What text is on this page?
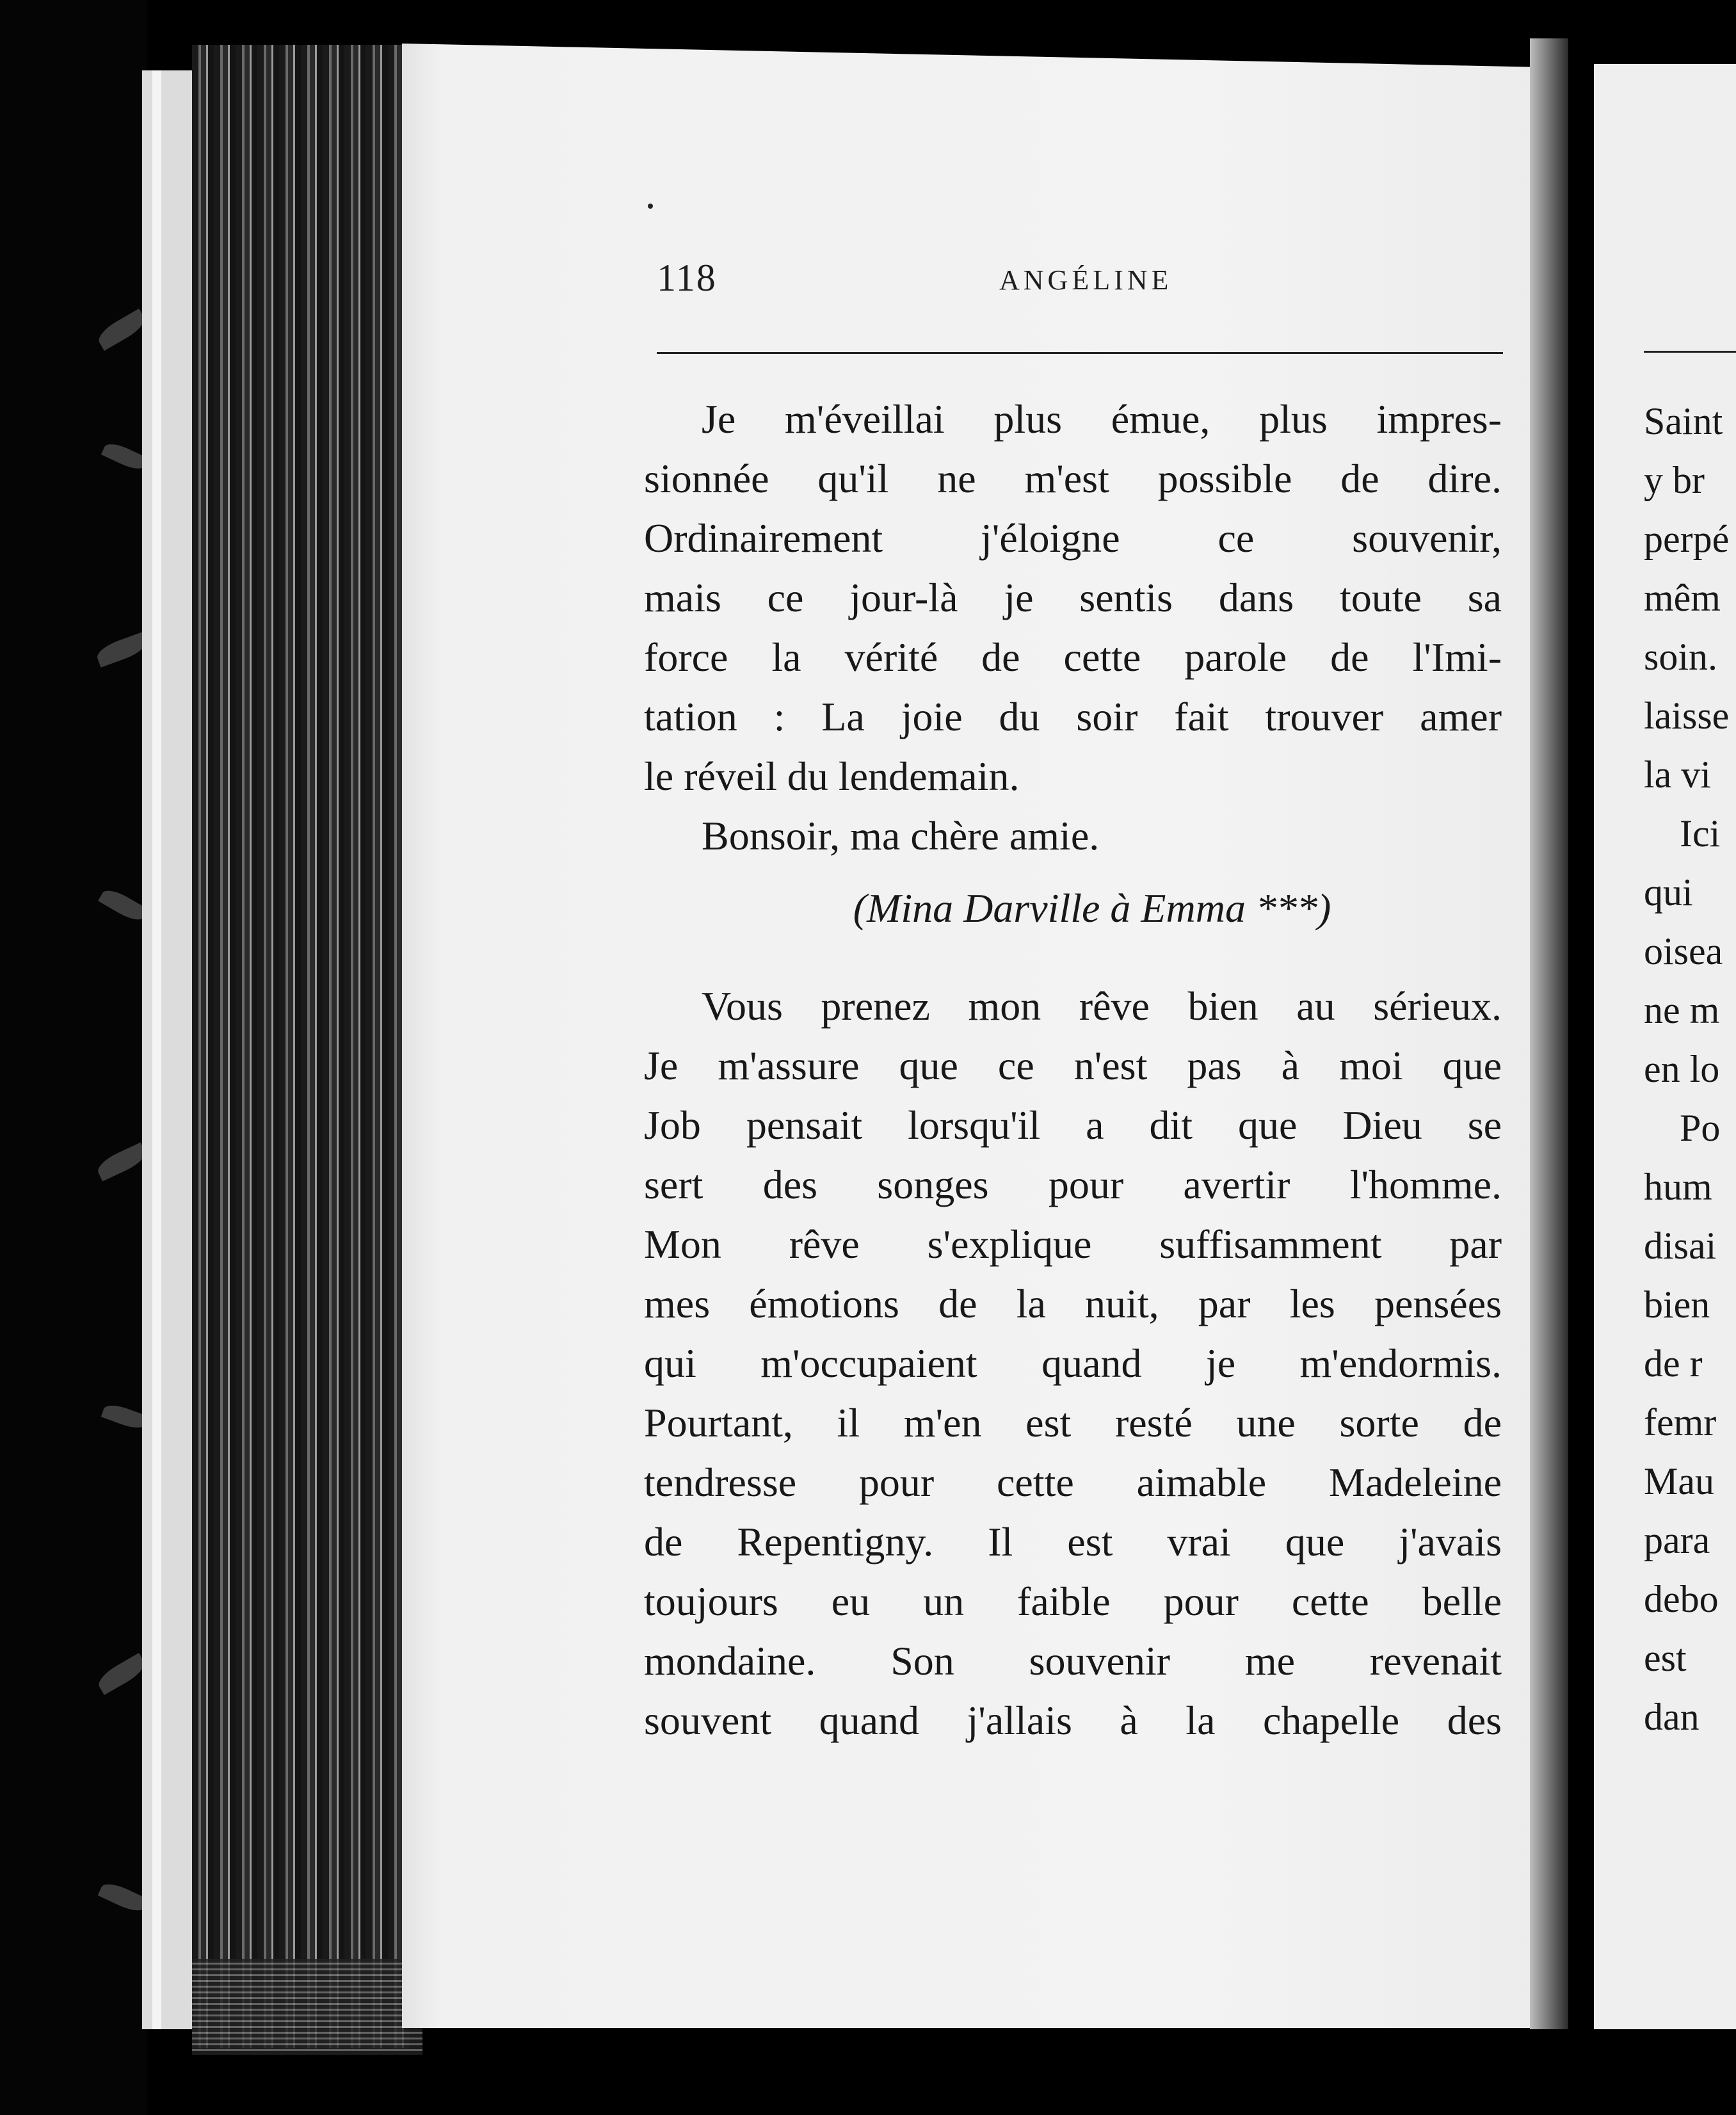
118	ANGÉLINE
Je m'éveillai plus émue, plus impres-
sionnée qu'il ne m'est possible de dire.
Ordinairement j'éloigne ce souvenir,
mais ce jour-là je sentis dans toute sa
force la vérité de cette parole de l'Imi-
tation : La joie du soir fait trouver amer
le réveil du lendemain.
Bonsoir, ma chère amie.
(Mina Darville à Emma ***)
Vous prenez mon rêve bien au sérieux.
Je m'assure que ce n'est pas à moi que
Job pensait lorsqu'il a dit que Dieu se
sert des songes pour avertir l'homme.
Mon rêve s'explique suffisamment par
mes émotions de la nuit, par les pensées
qui m'occupaient quand je m'endormis.
Pourtant, il m'en est resté une sorte de
tendresse pour cette aimable Madeleine
de Repentigny. Il est vrai que j'avais
toujours eu un faible pour cette belle
mondaine. Son souvenir me revenait
souvent quand j'allais à la chapelle des
Saint
y br
perpé
mêm
soin.
laisse
la vi
Ici
qui
oisea
ne m
en lo
Po
hum
disai
bien
de r
femr
Mau
para
debo
est
dan
